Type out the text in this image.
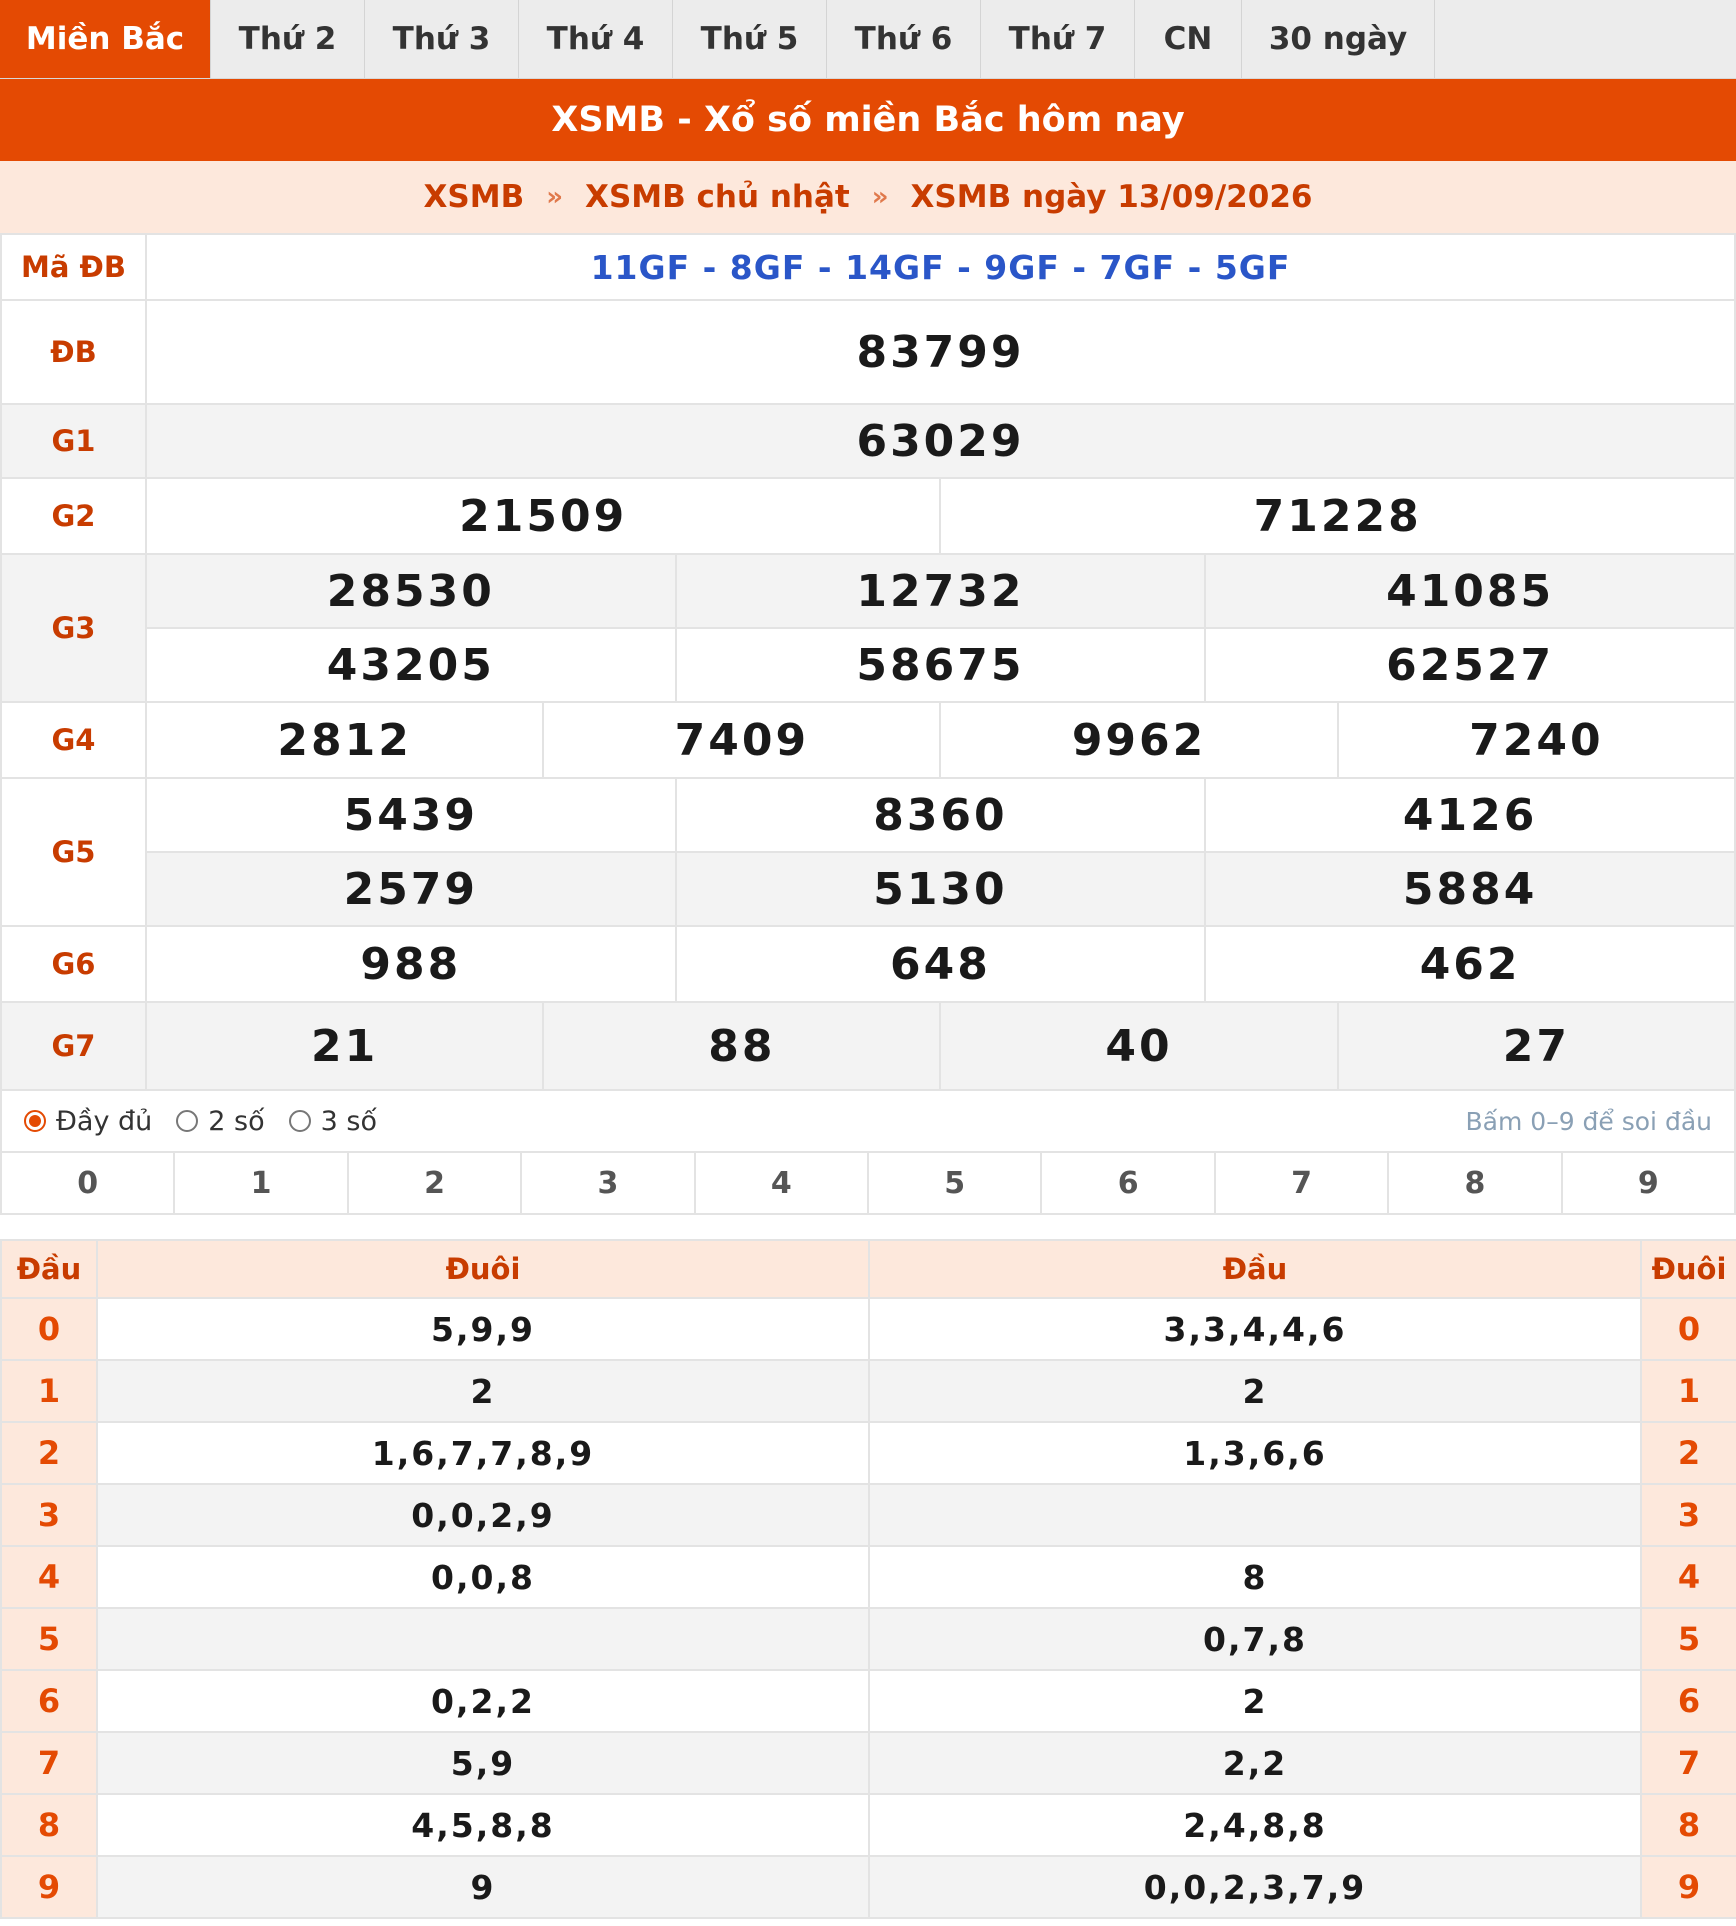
Miền Bắc	Thứ 2	Thứ 3	Thứ 4	Thứ 5	Thứ 6	Thứ 7	CN	30 ngày
XSMB - Xổ số miền Bắc hôm nay
XSMB » XSMB chủ nhật » XSMB ngày 13/09/2026
Mã ĐB	11GF - 8GF - 14GF - 9GF - 7GF - 5GF					
ĐB	83799					
G1	63029					
G2	21509			71228		
G3	28530		12732		41085	
	43205		58675		62527	
G4	2812	7409		9962		7240
G5	5439		8360		4126	
	2579		5130		5884	
G6	988		648		462	
G7	21	88		40		27
Đầy đủ 2 số 3 số	Bấm 0–9 để soi đầu
0	1	2	3	4	5	6	7	8	9
Đầu	Đuôi	Đầu	Đuôi
0	5,9,9	3,3,4,4,6	0
1	2	2	1
2	1,6,7,7,8,9	1,3,6,6	2
3	0,0,2,9		3
4	0,0,8	8	4
5		0,7,8	5
6	0,2,2	2	6
7	5,9	2,2	7
8	4,5,8,8	2,4,8,8	8
9	9	0,0,2,3,7,9	9
